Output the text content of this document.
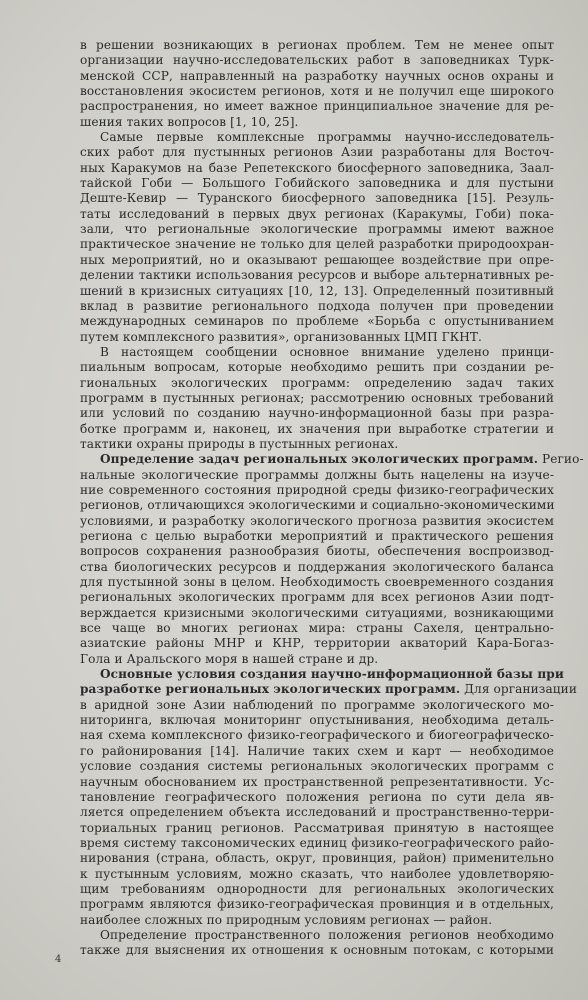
в решении возникающих в регионах проблем. Тем не менее опыт
организации научно-исследовательских работ в заповедниках Турк-
менской ССР, направленный на разработку научных основ охраны и
восстановления экосистем регионов, хотя и не получил еще широкого
распространения, но имеет важное принципиальное значение для ре-
шения таких вопросов [1, 10, 25].

Самые первые комплексные программы научно-исследователь-
ских работ для пустынных регионов Азии разработаны для Восточ-
ных Каракумов на базе Репетекского биосферного заповедника, Заал-
тайской Гоби — Большого Гобийского заповедника и для пустыни
Деште-Кевир — Туранского биосферного заповедника [15]. Резуль-
таты исследований в первых двух регионах (Каракумы, Гоби) пока-
зали, что региональные экологические программы имеют важное
практическое значение не только для целей разработки природоохран-
ных мероприятий, но и оказывают решающее воздействие при опре-
делении тактики использования ресурсов и выборе альтернативных ре-
шений в кризисных ситуациях [10, 12, 13]. Определенный позитивный
вклад в развитие регионального подхода получен при проведении
международных семинаров по проблеме «Борьба с опустыниванием
путем комплексного развития», организованных ЦМП ГКНТ.

В настоящем сообщении основное внимание уделено принци-
пиальным вопросам, которые необходимо решить при создании ре-
гиональных экологических программ: определению задач таких
программ в пустынных регионах; рассмотрению основных требований
или условий по созданию научно-информационной базы при разра-
ботке программ и, наконец, их значения при выработке стратегии и
тактики охраны природы в пустынных регионах.

Определение задач региональных экологических программ. Регио-
нальные экологические программы должны быть нацелены на изуче-
ние современного состояния природной среды физико-географических
регионов, отличающихся экологическими и социально-экономическими
условиями, и разработку экологического прогноза развития экосистем
региона с целью выработки мероприятий и практического решения
вопросов сохранения разнообразия биоты, обеспечения воспроизвод-
ства биологических ресурсов и поддержания экологического баланса
для пустынной зоны в целом. Необходимость своевременного создания
региональных экологических программ для всех регионов Азии подт-
верждается кризисными экологическими ситуациями, возникающими
все чаще во многих регионах мира: страны Сахеля, центрально-
азиатские районы МНР и КНР, территории акваторий Кара-Богаз-
Гола и Аральского моря в нашей стране и др.

Основные условия создания научно-информационной базы при
разработке региональных экологических программ. Для организации
в аридной зоне Азии наблюдений по программе экологического мо-
ниторинга, включая мониторинг опустынивания, необходима деталь-
ная схема комплексного физико-географического и биогеографическо-
го районирования [14]. Наличие таких схем и карт — необходимое
условие создания системы региональных экологических программ с
научным обоснованием их пространственной репрезентативности. Ус-
тановление географического положения региона по сути дела яв-
ляется определением объекта исследований и пространственно-терри-
ториальных границ регионов. Рассматривая принятую в настоящее
время систему таксономических единиц физико-географического райо-
нирования (страна, область, округ, провинция, район) применительно
к пустынным условиям, можно сказать, что наиболее удовлетворяю-
щим требованиям однородности для региональных экологических
программ являются физико-географическая провинция и в отдельных,
наиболее сложных по природным условиям регионах — район.

Определение пространственного положения регионов необходимо
также для выяснения их отношения к основным потокам, с которыми

4
